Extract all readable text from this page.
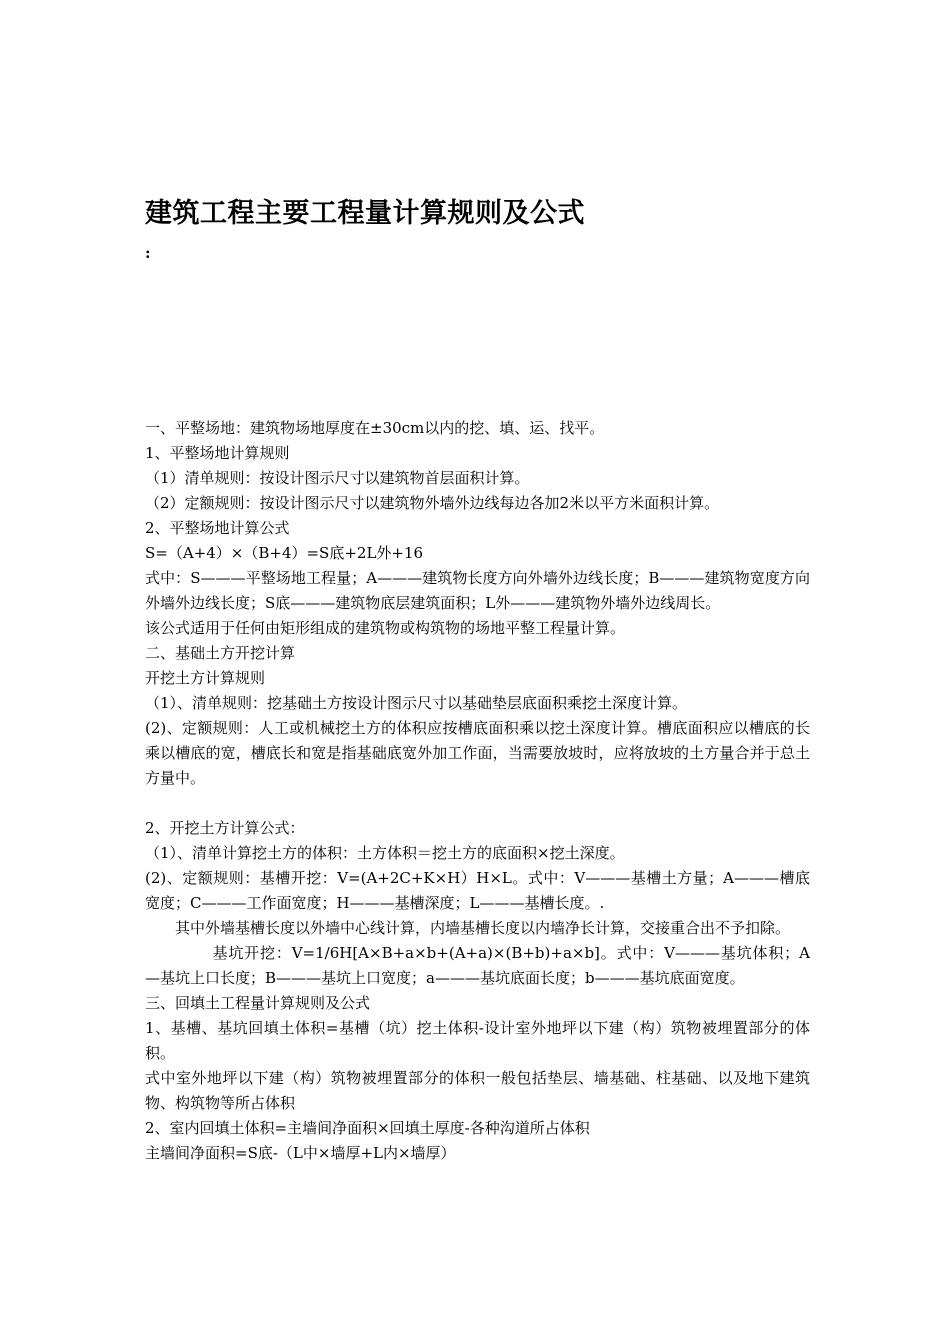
建筑工程主要工程量计算规则及公式
:

一、平整场地：建筑物场地厚度在±30cm以内的挖、填、运、找平。

1、平整场地计算规则

（1）清单规则：按设计图示尺寸以建筑物首层面积计算。

（2）定额规则：按设计图示尺寸以建筑物外墙外边线每边各加2米以平方米面积计算。

2、平整场地计算公式

S=（A+4）×（B+4）=S底+2L外+16

式中：S———平整场地工程量；A———建筑物长度方向外墙外边线长度；B———建筑物宽度方向外墙外边线长度；S底———建筑物底层建筑面积；L外———建筑物外墙外边线周长。

该公式适用于任何由矩形组成的建筑物或构筑物的场地平整工程量计算。

二、基础土方开挖计算

开挖土方计算规则

（1）、清单规则：挖基础土方按设计图示尺寸以基础垫层底面积乘挖土深度计算。

(2)、定额规则：人工或机械挖土方的体积应按槽底面积乘以挖土深度计算。槽底面积应以槽底的长乘以槽底的宽，槽底长和宽是指基础底宽外加工作面，当需要放坡时，应将放坡的土方量合并于总土方量中。

2、开挖土方计算公式：

（1）、清单计算挖土方的体积：土方体积＝挖土方的底面积×挖土深度。

(2)、定额规则：基槽开挖：V=(A+2C+K×H）H×L。式中：V———基槽土方量；A———槽底宽度；C———工作面宽度；H———基槽深度；L———基槽长度。.

其中外墙基槽长度以外墙中心线计算，内墙基槽长度以内墙净长计算，交接重合出不予扣除。

基坑开挖：V=1/6H[A×B+a×b+(A+a)×(B+b)+a×b]。式中：V———基坑体积；A—基坑上口长度；B———基坑上口宽度；a———基坑底面长度；b———基坑底面宽度。

三、回填土工程量计算规则及公式

1、基槽、基坑回填土体积=基槽（坑）挖土体积-设计室外地坪以下建（构）筑物被埋置部分的体积。

式中室外地坪以下建（构）筑物被埋置部分的体积一般包括垫层、墙基础、柱基础、以及地下建筑物、构筑物等所占体积

2、室内回填土体积=主墙间净面积×回填土厚度-各种沟道所占体积

主墙间净面积=S底-（L中×墙厚+L内×墙厚）
